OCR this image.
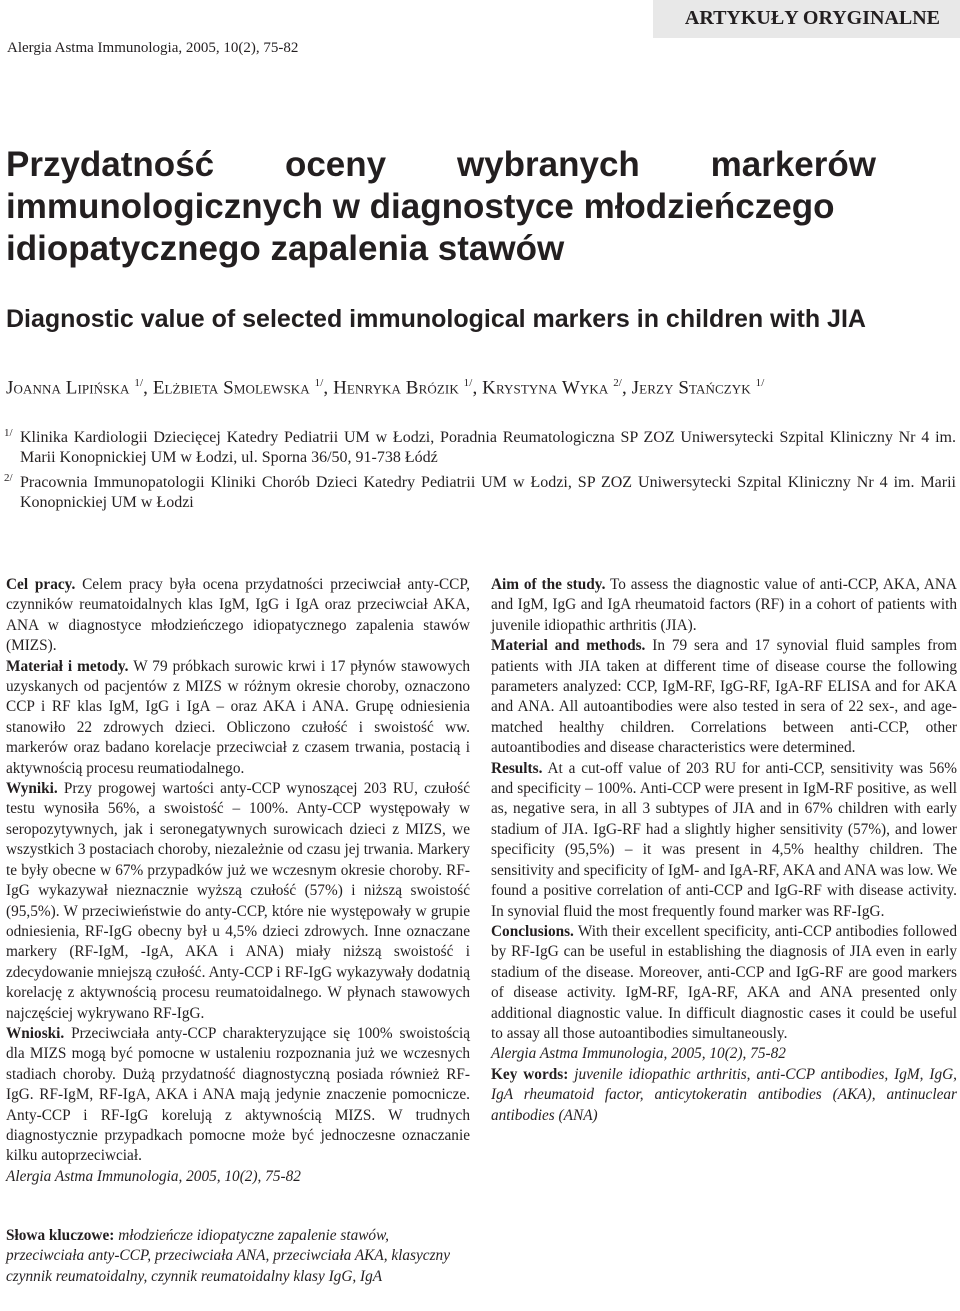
ARTYKUŁY ORYGINALNE
Alergia Astma Immunologia, 2005, 10(2), 75-82
Przydatność oceny wybranych markerów
immunologicznych w diagnostyce młodzieńczego
idiopatycznego zapalenia stawów
Diagnostic value of selected immunological markers in children with JIA
Joanna Lipińska $^{1/}$, Elżbieta Smolewska $^{1/}$, Henryka Brózik $^{1/}$, Krystyna Wyka $^{2/}$, Jerzy Stańczyk $^{1/}$
1/ Klinika Kardiologii Dziecięcej Katedry Pediatrii UM w Łodzi, Poradnia Reumatologiczna SP ZOZ Uniwersytecki Szpital Kliniczny Nr 4 im. Marii Konopnickiej UM w Łodzi, ul. Sporna 36/50, 91-738 Łódź
2/ Pracownia Immunopatologii Kliniki Chorób Dzieci Katedry Pediatrii UM w Łodzi, SP ZOZ Uniwersytecki Szpital Kliniczny Nr 4 im. Marii Konopnickiej UM w Łodzi

Cel pracy. Celem pracy była ocena przydatności przeciwciał anty-CCP, czynników reumatoidalnych klas IgM, IgG i IgA oraz przeciwciał AKA, ANA w diagnostyce młodzieńczego idiopatycznego zapalenia stawów (MIZS).

Materiał i metody. W 79 próbkach surowic krwi i 17 płynów stawowych uzyskanych od pacjentów z MIZS w różnym okresie choroby, oznaczono CCP i RF klas IgM, IgG i IgA – oraz AKA i ANA. Grupę odniesienia stanowiło 22 zdrowych dzieci. Obliczono czułość i swoistość ww. markerów oraz badano korelacje przeciwciał z czasem trwania, postacią i aktywnością procesu reumatiodalnego.

Wyniki. Przy progowej wartości anty-CCP wynoszącej 203 RU, czułość testu wynosiła 56%, a swoistość – 100%. Anty-CCP występowały w seropozytywnych, jak i seronegatywnych surowicach dzieci z MIZS, we wszystkich 3 postaciach choroby, niezależnie od czasu jej trwania. Markery te były obecne w 67% przypadków już we wczesnym okresie choroby. RF-IgG wykazywał nieznacznie wyższą czułość (57%) i niższą swoistość (95,5%). W przeciwieństwie do anty-CCP, które nie występowały w grupie odniesienia, RF-IgG obecny był u 4,5% dzieci zdrowych. Inne oznaczane markery (RF-IgM, -IgA, AKA i ANA) miały niższą swoistość i zdecydowanie mniejszą czułość. Anty-CCP i RF-IgG wykazywały dodatnią korelację z aktywnością procesu reumatoidalnego. W płynach stawowych najczęściej wykrywano RF-IgG.

Wnioski. Przeciwciała anty-CCP charakteryzujące się 100% swoistością dla MIZS mogą być pomocne w ustaleniu rozpoznania już we wczesnych stadiach choroby. Dużą przydatność diagnostyczną posiada również RF-IgG. RF-IgM, RF-IgA, AKA i ANA mają jedynie znaczenie pomocnicze. Anty-CCP i RF-IgG korelują z aktywnością MIZS. W trudnych diagnostycznie przypadkach pomocne może być jednoczesne oznaczanie kilku autoprzeciwciał.

Alergia Astma Immunologia, 2005, 10(2), 75-82

Słowa kluczowe: młodzieńcze idiopatyczne zapalenie stawów, przeciwciała anty-CCP, przeciwciała ANA, przeciwciała AKA, klasyczny czynnik reumatoidalny, czynnik reumatoidalny klasy IgG, IgA

Aim of the study. To assess the diagnostic value of anti-CCP, AKA, ANA and IgM, IgG and IgA rheumatoid factors (RF) in a cohort of patients with juvenile idiopathic arthritis (JIA).

Material and methods. In 79 sera and 17 synovial fluid samples from patients with JIA taken at different time of disease course the following parameters analyzed: CCP, IgM-RF, IgG-RF, IgA-RF ELISA and for AKA and ANA. All autoantibodies were also tested in sera of 22 sex-, and age-matched healthy children. Correlations between anti-CCP, other autoantibodies and disease characteristics were determined.

Results. At a cut-off value of 203 RU for anti-CCP, sensitivity was 56% and specificity – 100%. Anti-CCP were present in IgM-RF positive, as well as, negative sera, in all 3 subtypes of JIA and in 67% children with early stadium of JIA. IgG-RF had a slightly higher sensitivity (57%), and lower specificity (95,5%) – it was present in 4,5% healthy children. The sensitivity and specificity of IgM- and IgA-RF, AKA and ANA was low. We found a positive correlation of anti-CCP and IgG-RF with disease activity. In synovial fluid the most frequently found marker was RF-IgG.

Conclusions. With their excellent specificity, anti-CCP antibodies followed by RF-IgG can be useful in establishing the diagnosis of JIA even in early stadium of the disease. Moreover, anti-CCP and IgG-RF are good markers of disease activity. IgM-RF, IgA-RF, AKA and ANA presented only additional diagnostic value. In difficult diagnostic cases it could be useful to assay all those autoantibodies simultaneously.

Alergia Astma Immunologia, 2005, 10(2), 75-82

Key words: juvenile idiopathic arthritis, anti-CCP antibodies, IgM, IgG, IgA rheumatoid factor, anticytokeratin antibodies (AKA), antinuclear antibodies (ANA)
